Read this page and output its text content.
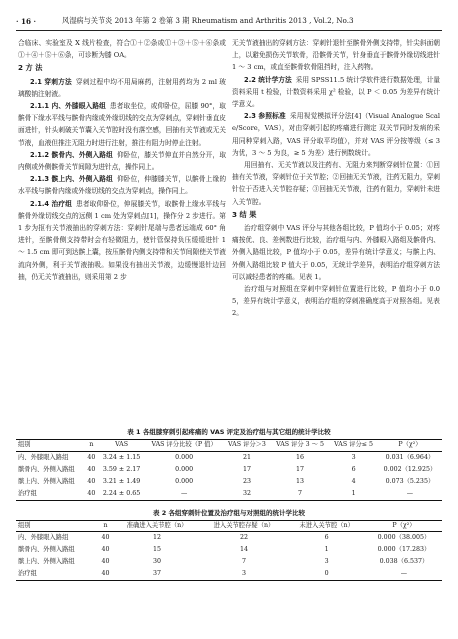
· 16 ·	风湿病与关节炎 2013 年第 2 卷第 3 期 Rheumatism and Arthritis 2013 , Vol.2, No.3

合临床、实验室及 X 线片检查，符合①＋②条或①＋③＋⑤＋⑥条或①＋④＋⑤＋⑥条，可诊断为膝 OA。

2 方 法

2.1 穿刺方法 穿刺过程中均不用局麻药，注射用药均为 2 ml 玻璃酸钠注射液。

2.1.1 内、外膝眼入路组 患者取坐位，或仰卧位，屈膝 90°，取髌骨下缘水平线与髌骨内缘或外缘切线的交点为穿刺点，穿刺针垂直皮面进针，针头刺破关节囊入关节腔时没有落空感，回抽有关节液或无关节液，血液但推注无阻力时进行注射，推注有阻力时停止注射。

2.1.2 髌骨内、外侧入路组 仰卧位，膝关节伸直并自然分开，取内侧或外侧髌骨关节间隙为进针点，操作同上。

2.1.3 髌上内、外侧入路组 仰卧位，伸膝膝关节，以髌骨上缘的水平线与髌骨内缘或外缘切线的交点为穿刺点，操作同上。

2.1.4 治疗组 患者取仰卧位，伸展膝关节，取髌骨上缘水平线与髌骨外缘切线交点的远侧 1 cm 处为穿刺点[1]，操作分 2 步进行。第 1 步为抠有关节液抽出的穿刺方法：穿刺针尾端与患者远端成 60° 角进针，至髌骨侧支持带时会有轻微阻力，使针管保持负压缓缓进针 1 ～ 1.5 cm 即可到达髌上囊，按压髌骨内侧支持带和关节间隙使关节液流向外侧，利于关节液抽吸。如果没有抽出关节液，边缓慢退针边回抽，仍无关节液抽出，则采用第 2 步

无关节液抽出的穿刺方法：穿刺针退针至髌骨外侧支持带，针尖斜面朝上，以避免损伤关节软骨，沿髌骨关节，针身垂直于髌骨外缘切线进针 1 ～ 3 cm，或直至髌骨软骨阻挡时，注入药物。

2.2 统计学方法 采用 SPSS11.5 统计学软件进行数据处理，计量资料采用 t 检验，计数资料采用 χ² 检验，以 P ＜ 0.05 为差异有统计学意义。

2.3 参照标准 采用视觉模拟评分法[4]（Visual Analogue Scale/Score，VAS），对由穿刺引起的疼痛进行测定 双关节同时发病的采用同种穿刺入路，VAS 评分取平均值），并对 VAS 评分按等级（≤ 3 为优，3 ～ 5 为良，≥ 5 为差）进行例数统计。

用回抽有、无关节液以及注药有、无阻力来判断穿刺针位置：①回抽有关节液，穿刺针位于关节腔；②回抽无关节液，注药无阻力，穿刺针位于否进入关节腔存疑；③回抽无关节液，注药有阻力，穿刺针未进入关节腔。

3 结 果

治疗组穿刺中 VAS 评分与其他各组比较，P 值均小于 0.05；对疼痛按优、良、差例数进行比较，治疗组与内、外膝眼入路组及髌骨内、外侧入路组比较，P 值均小于 0.05，差异有统计学意义；与髌上内、外侧入路组比较 P 值大于 0.05，无统计学差异，表明治疗组穿刺方法可以减轻患者的疼痛。见表 1。

治疗组与对照组在穿刺中穿刺针位置进行比较，P 值均小于 0.05，差异有统计学意义，表明治疗组的穿刺准确度高于对照各组。见表 2。

表 1 各组膝穿刺引起疼痛的 VAS 评定及治疗组与其它组的统计学比较
组别	n	VAS	VAS 评分比较（P 值）	VAS 评分＞3	VAS 评分 3 ～ 5	VAS 评分≤ 5	P（χ²）
内、外膝眼入路组	40	3.24 ± 1.15	0.000	21	16	3	0.031（6.964）
髌骨内、外侧入路组	40	3.59 ± 2.17	0.000	17	17	6	0.002（12.925）
髌上内、外侧入路组	40	3.21 ± 1.49	0.000	23	13	4	0.073（5.235）
治疗组	40	2.24 ± 0.65	—	32	7	1	—
表 2 各组穿刺针位置及治疗组与对照组的统计学比较
组别	n	准确进入关节腔（n）	进入关节腔存疑（n）	未进入关节腔（n）	P（χ²）
内、外膝眼入路组	40	12	22	6	0.000（38.005）
髌骨内、外侧入路组	40	15	14	1	0.000（17.283）
髌上内、外侧入路组	40	30	7	3	0.038（6.537）
治疗组	40	37	3	0	—
